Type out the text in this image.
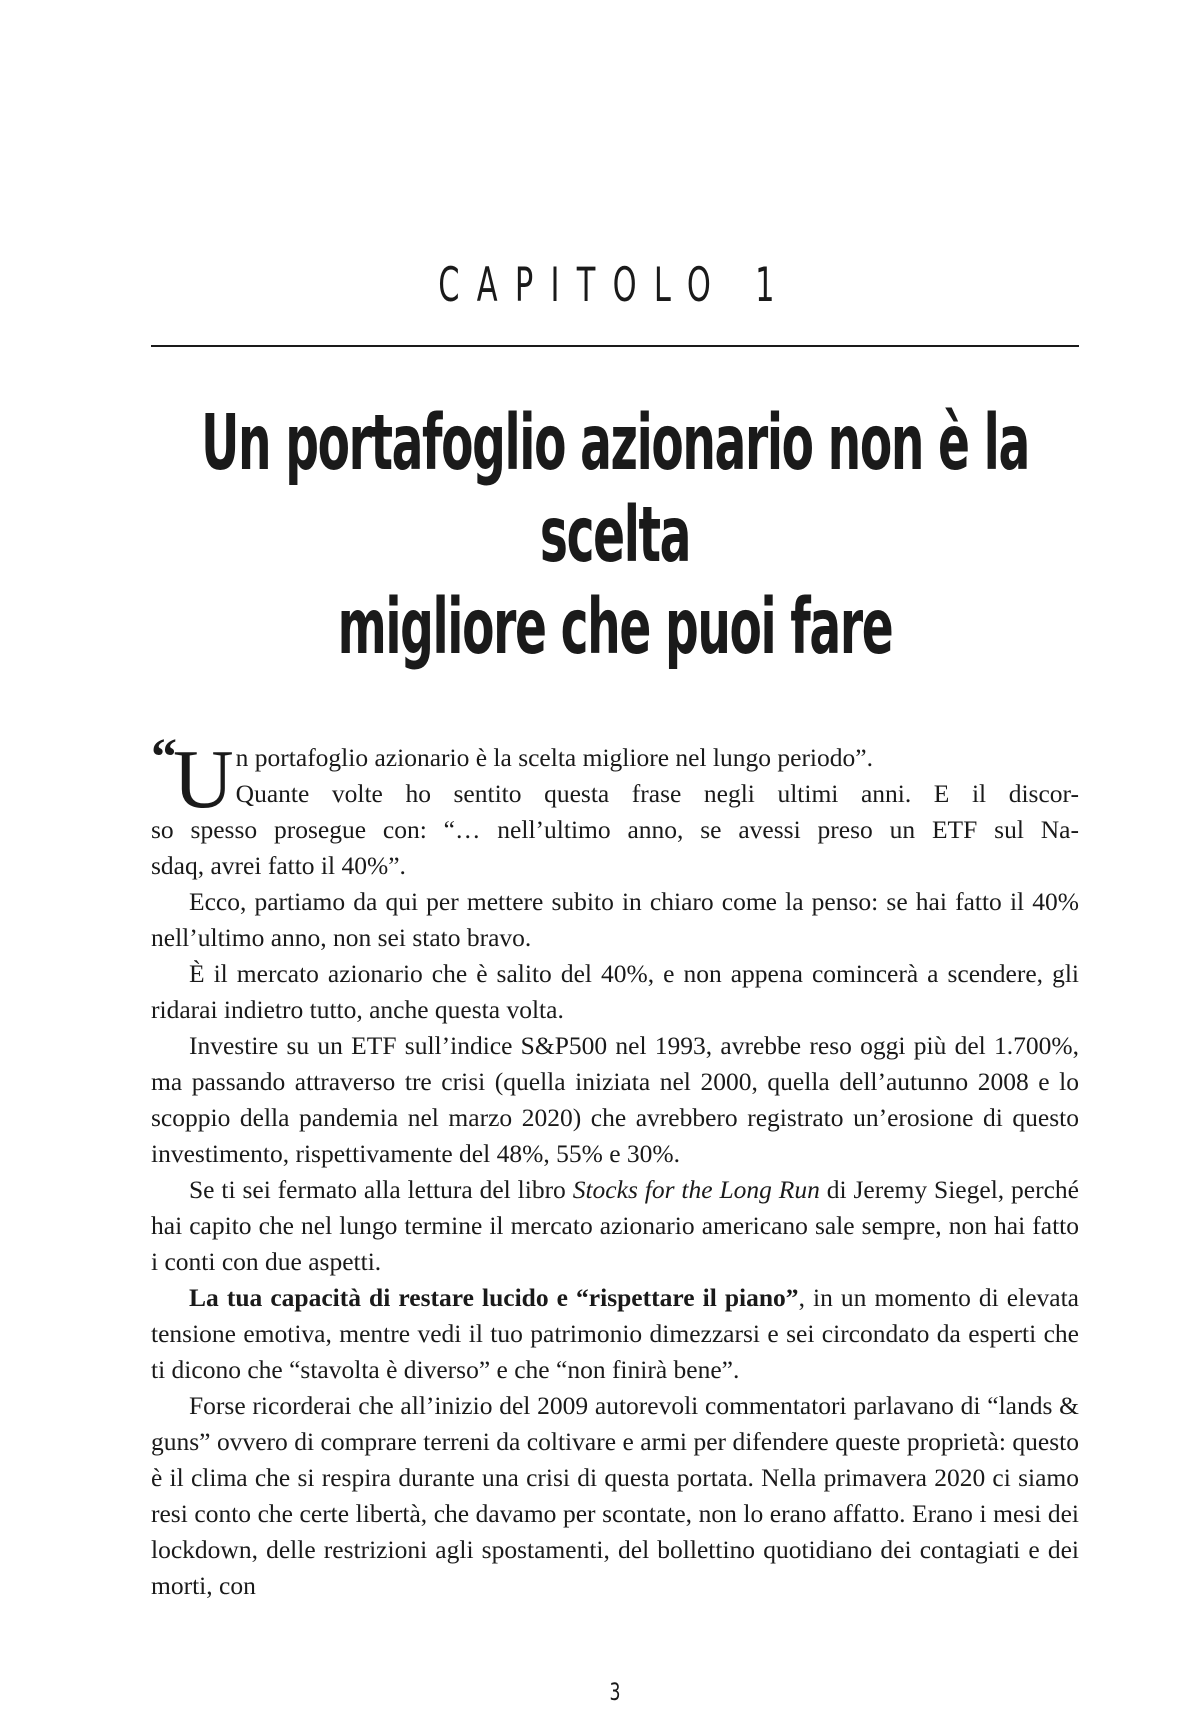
CAPITOLO 1
Un portafoglio azionario non è la scelta
migliore che puoi fare

“U n portafoglio azionario è la scelta migliore nel lungo periodo”.
Quante volte ho sentito questa frase negli ultimi anni. E il discor-
so spesso prosegue con: “… nell’ultimo anno, se avessi preso un ETF sul Na-
sdaq, avrei fatto il 40%”.

Ecco, partiamo da qui per mettere subito in chiaro come la penso: se hai fatto il 40% nell’ultimo anno, non sei stato bravo.

È il mercato azionario che è salito del 40%, e non appena comincerà a scendere, gli ridarai indietro tutto, anche questa volta.

Investire su un ETF sull’indice S&P500 nel 1993, avrebbe reso oggi più del 1.700%, ma passando attraverso tre crisi (quella iniziata nel 2000, quella dell’autunno 2008 e lo scoppio della pandemia nel marzo 2020) che avrebbero registrato un’erosione di questo investimento, rispettivamente del 48%, 55% e 30%.

Se ti sei fermato alla lettura del libro Stocks for the Long Run di Jeremy Siegel, perché hai capito che nel lungo termine il mercato azionario americano sale sempre, non hai fatto i conti con due aspetti.

La tua capacità di restare lucido e “rispettare il piano”, in un momento di elevata tensione emotiva, mentre vedi il tuo patrimonio dimezzarsi e sei circondato da esperti che ti dicono che “stavolta è diverso” e che “non finirà bene”.

Forse ricorderai che all’inizio del 2009 autorevoli commentatori parlavano di “lands & guns” ovvero di comprare terreni da coltivare e armi per difendere queste proprietà: questo è il clima che si respira durante una crisi di questa portata. Nella primavera 2020 ci siamo resi conto che certe libertà, che davamo per scontate, non lo erano affatto. Erano i mesi dei lockdown, delle restrizioni agli spostamenti, del bollettino quotidiano dei contagiati e dei morti, con

3
